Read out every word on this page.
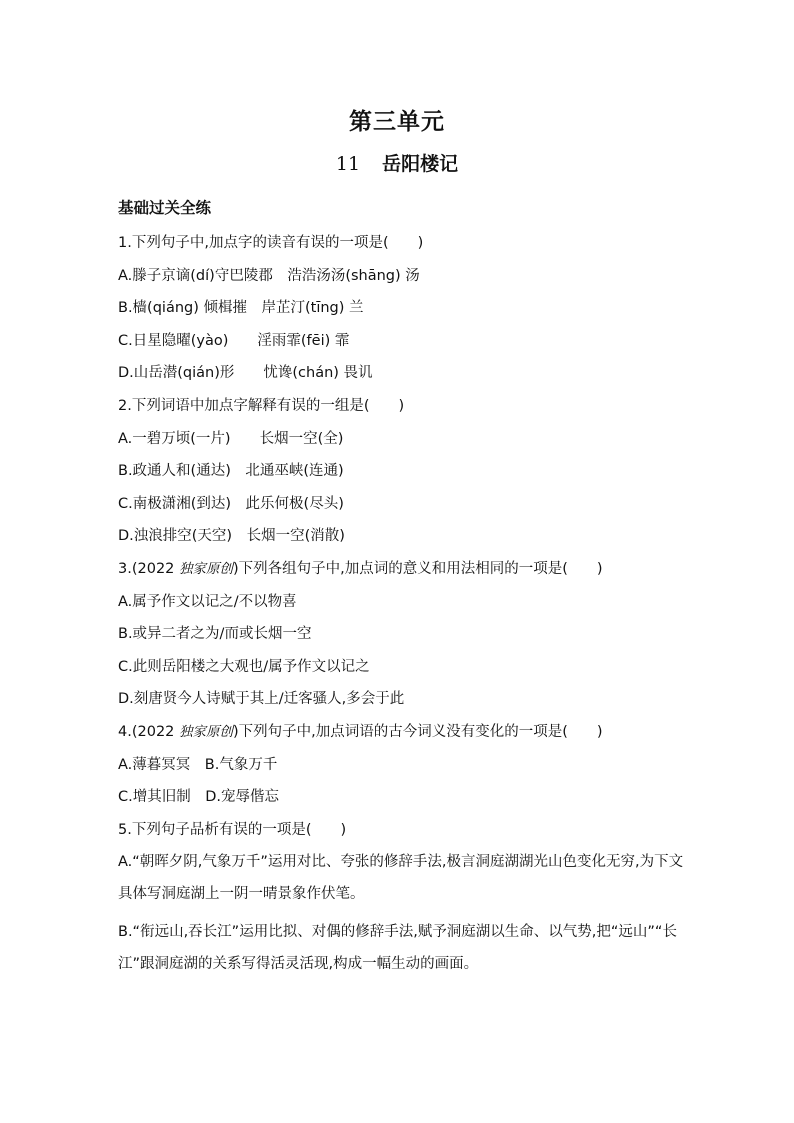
第三单元
11 岳阳楼记
基础过关全练
1.下列句子中,加点字的读音有误的一项是(　　)
A.滕子京谪(dí)守巴陵郡　浩浩汤汤(shāng) 汤
B.樯(qiáng) 倾楫摧　岸芷汀(tīng) 兰
C.日星隐曜(yào)　　淫雨霏(fēi) 霏
D.山岳潜(qián)形　　忧谗(chán) 畏讥
2.下列词语中加点字解释有误的一组是(　　)
A.一碧万顷(一片)　　长烟一空(全)
B.政通人和(通达)　北通巫峡(连通)
C.南极潇湘(到达)　此乐何极(尽头)
D.浊浪排空(天空)　长烟一空(消散)
3.(2022 独家原创)下列各组句子中,加点词的意义和用法相同的一项是(　　)
A.属予作文以记之/不以物喜
B.或异二者之为/而或长烟一空
C.此则岳阳楼之大观也/属予作文以记之
D.刻唐贤今人诗赋于其上/迁客骚人,多会于此
4.(2022 独家原创)下列句子中,加点词语的古今词义没有变化的一项是(　　)
A.薄暮冥冥　B.气象万千
C.增其旧制　D.宠辱偕忘
5.下列句子品析有误的一项是(　　)
A.“朝晖夕阴,气象万千”运用对比、夸张的修辞手法,极言洞庭湖湖光山色变化无穷,为下文具体写洞庭湖上一阴一晴景象作伏笔。
B.“衔远山,吞长江”运用比拟、对偶的修辞手法,赋予洞庭湖以生命、以气势,把“远山”“长江”跟洞庭湖的关系写得活灵活现,构成一幅生动的画面。
